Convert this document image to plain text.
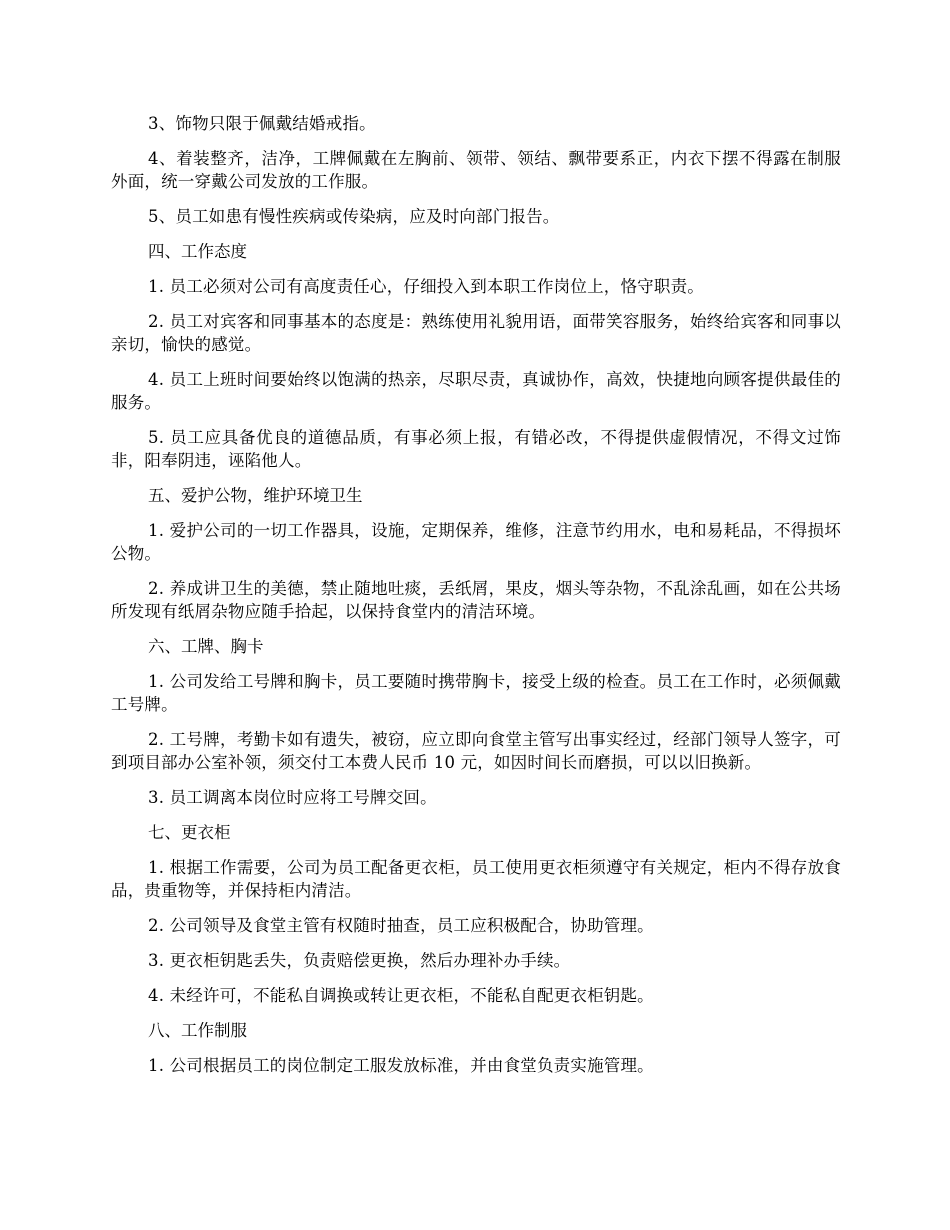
3、饰物只限于佩戴结婚戒指。

4、着装整齐，洁净，工牌佩戴在左胸前、领带、领结、飘带要系正，内衣下摆不得露在制服外面，统一穿戴公司发放的工作服。

5、员工如患有慢性疾病或传染病，应及时向部门报告。

四、工作态度

1. 员工必须对公司有高度责任心，仔细投入到本职工作岗位上，恪守职责。

2. 员工对宾客和同事基本的态度是：熟练使用礼貌用语，面带笑容服务，始终给宾客和同事以亲切，愉快的感觉。

4. 员工上班时间要始终以饱满的热亲，尽职尽责，真诚协作，高效，快捷地向顾客提供最佳的服务。

5. 员工应具备优良的道德品质，有事必须上报，有错必改，不得提供虚假情况，不得文过饰非，阳奉阴违，诬陷他人。

五、爱护公物，维护环境卫生

1. 爱护公司的一切工作器具，设施，定期保养，维修，注意节约用水，电和易耗品，不得损坏公物。

2. 养成讲卫生的美德，禁止随地吐痰，丢纸屑，果皮，烟头等杂物，不乱涂乱画，如在公共场所发现有纸屑杂物应随手拾起，以保持食堂内的清洁环境。

六、工牌、胸卡

1. 公司发给工号牌和胸卡，员工要随时携带胸卡，接受上级的检查。员工在工作时，必须佩戴工号牌。

2. 工号牌，考勤卡如有遗失，被窃，应立即向食堂主管写出事实经过，经部门领导人签字，可到项目部办公室补领，须交付工本费人民币 10 元，如因时间长而磨损，可以以旧换新。

3. 员工调离本岗位时应将工号牌交回。

七、更衣柜

1. 根据工作需要，公司为员工配备更衣柜，员工使用更衣柜须遵守有关规定，柜内不得存放食品，贵重物等，并保持柜内清洁。

2. 公司领导及食堂主管有权随时抽查，员工应积极配合，协助管理。

3. 更衣柜钥匙丢失，负责赔偿更换，然后办理补办手续。

4. 未经许可，不能私自调换或转让更衣柜，不能私自配更衣柜钥匙。

八、工作制服

1. 公司根据员工的岗位制定工服发放标准，并由食堂负责实施管理。
